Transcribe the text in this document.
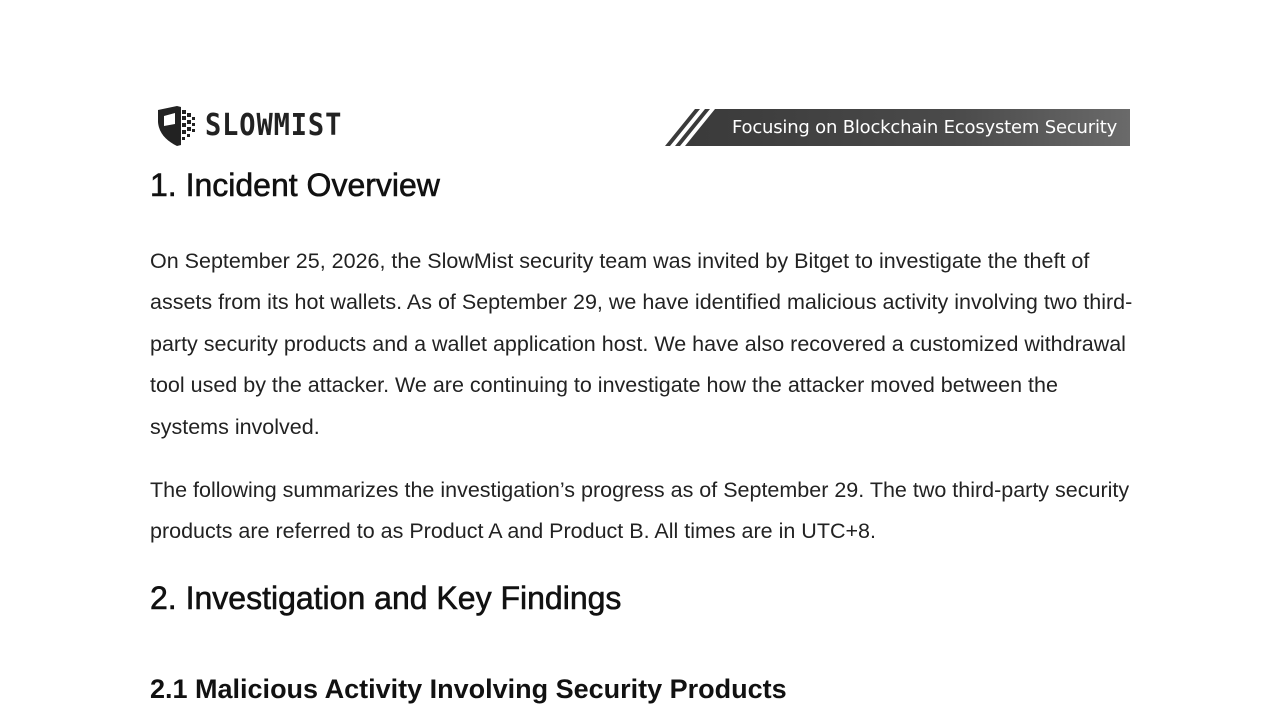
SLOWMIST	Focusing on Blockchain Ecosystem Security
1. Incident Overview

On September 25, 2026, the SlowMist security team was invited by Bitget to investigate the theft of assets from its hot wallets. As of September 29, we have identified malicious activity involving two third-party security products and a wallet application host. We have also recovered a customized withdrawal tool used by the attacker. We are continuing to investigate how the attacker moved between the systems involved.

The following summarizes the investigation’s progress as of September 29. The two third-party security products are referred to as Product A and Product B. All times are in UTC+8.

2. Investigation and Key Findings
2.1 Malicious Activity Involving Security Products
